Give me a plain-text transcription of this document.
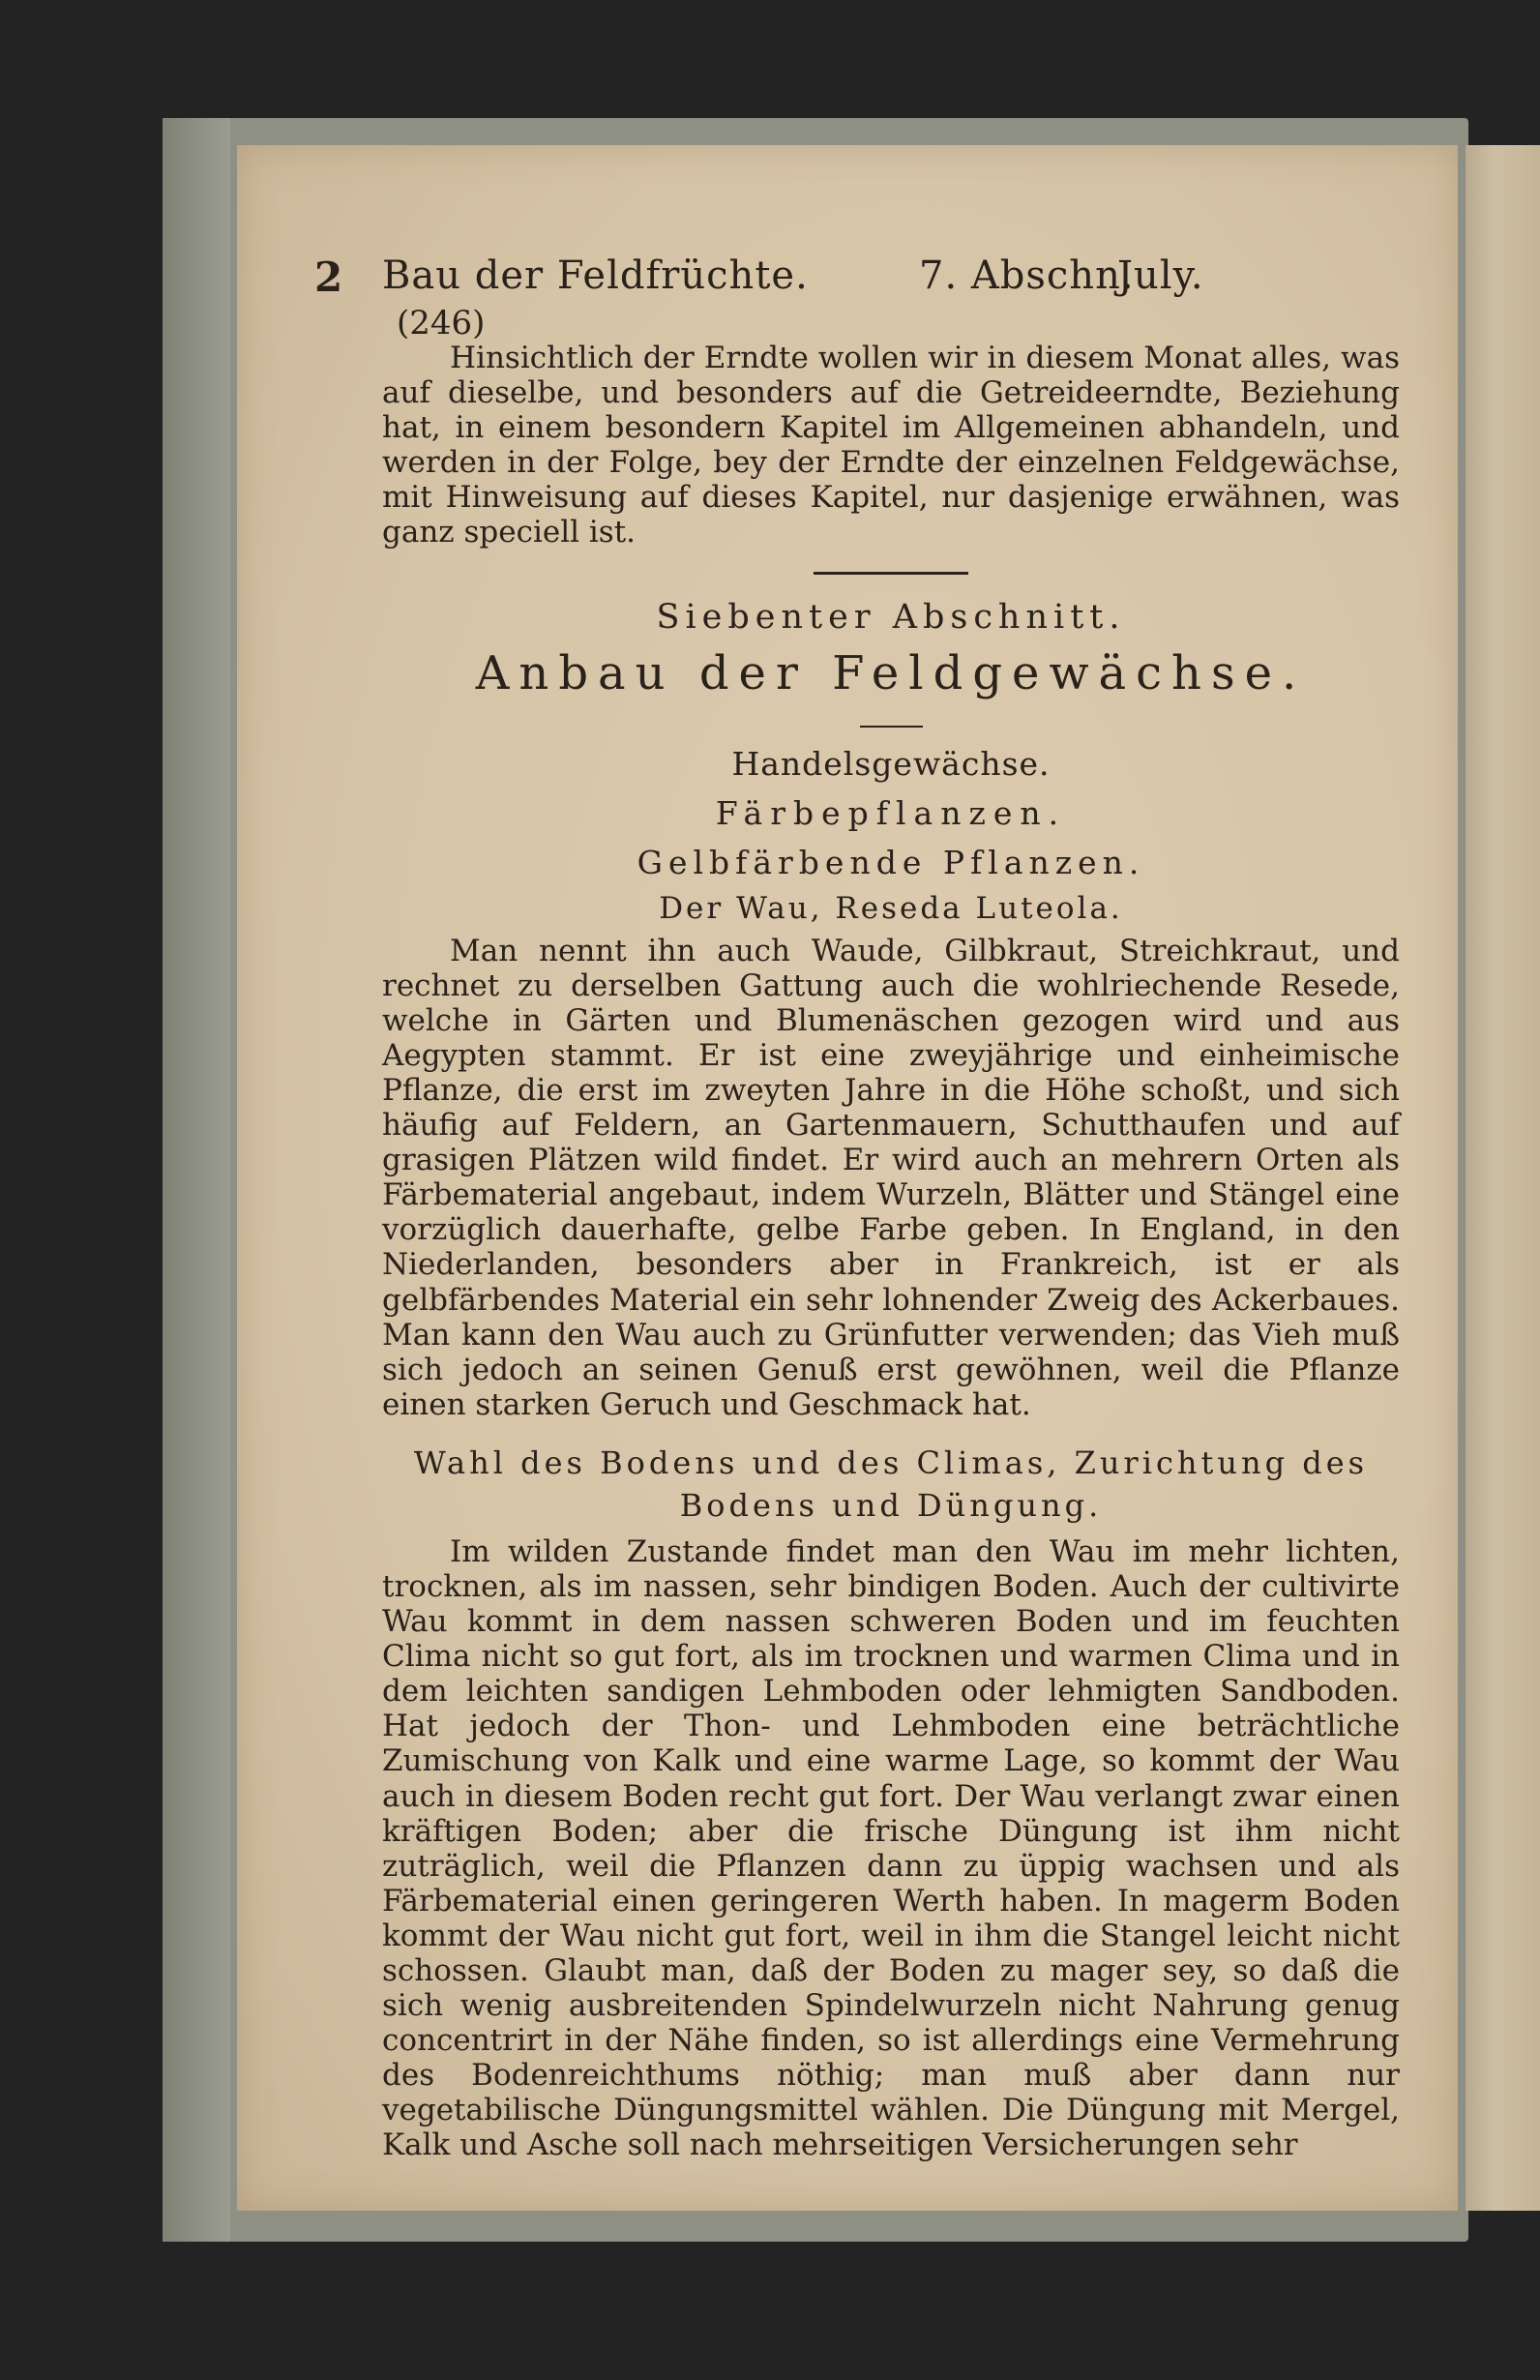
2 Bau der Feldfrüchte.	7. Abschn.
July.
(246)

Hinsichtlich der Erndte wollen wir in diesem Monat alles, was auf dieselbe, und besonders auf die Getreideerndte, Beziehung hat, in einem besondern Kapitel im Allgemeinen abhandeln, und werden in der Folge, bey der Erndte der einzelnen Feldgewächse, mit Hinweisung auf dieses Kapitel, nur dasjenige erwähnen, was ganz speciell ist.

Siebenter Abschnitt.
Anbau der Feldgewächse.
Handelsgewächse.
Färbepflanzen.
Gelbfärbende Pflanzen.
Der Wau, Reseda Luteola.

Man nennt ihn auch Waude, Gilbkraut, Streichkraut, und rechnet zu derselben Gattung auch die wohlriechende Resede, welche in Gärten und Blumenäschen gezogen wird und aus Aegypten stammt. Er ist eine zweyjährige und einheimische Pflanze, die erst im zweyten Jahre in die Höhe schoßt, und sich häufig auf Feldern, an Gartenmauern, Schutthaufen und auf grasigen Plätzen wild findet. Er wird auch an mehrern Orten als Färbematerial angebaut, indem Wurzeln, Blätter und Stängel eine vorzüglich dauerhafte, gelbe Farbe geben. In England, in den Niederlanden, besonders aber in Frankreich, ist er als gelbfärbendes Material ein sehr lohnender Zweig des Ackerbaues. Man kann den Wau auch zu Grünfutter verwenden; das Vieh muß sich jedoch an seinen Genuß erst gewöhnen, weil die Pflanze einen starken Geruch und Geschmack hat.

Wahl des Bodens und des Climas, Zurichtung des Bodens und Düngung.

Im wilden Zustande findet man den Wau im mehr lichten, trocknen, als im nassen, sehr bindigen Boden. Auch der cultivirte Wau kommt in dem nassen schweren Boden und im feuchten Clima nicht so gut fort, als im trocknen und warmen Clima und in dem leichten sandigen Lehmboden oder lehmigten Sandboden. Hat jedoch der Thon- und Lehmboden eine beträchtliche Zumischung von Kalk und eine warme Lage, so kommt der Wau auch in diesem Boden recht gut fort. Der Wau verlangt zwar einen kräftigen Boden; aber die frische Düngung ist ihm nicht zuträglich, weil die Pflanzen dann zu üppig wachsen und als Färbematerial einen geringeren Werth haben. In magerm Boden kommt der Wau nicht gut fort, weil in ihm die Stangel leicht nicht schossen. Glaubt man, daß der Boden zu mager sey, so daß die sich wenig ausbreitenden Spindelwurzeln nicht Nahrung genug concentrirt in der Nähe finden, so ist allerdings eine Vermehrung des Bodenreichthums nöthig; man muß aber dann nur vegetabilische Düngungsmittel wählen. Die Düngung mit Mergel, Kalk und Asche soll nach mehrseitigen Versicherungen sehr
